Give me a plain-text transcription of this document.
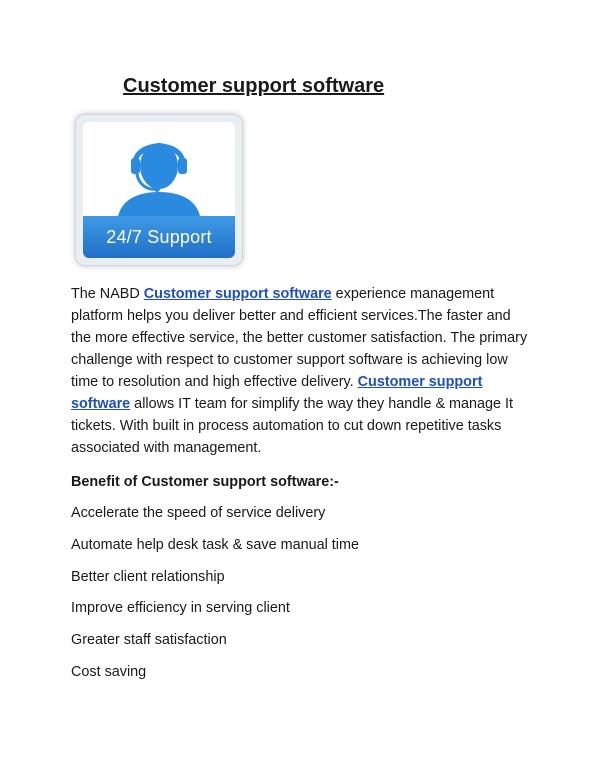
Customer support software
24/7 Support

The NABD Customer support software experience management platform helps you deliver better and efficient services.The faster and the more effective service, the better customer satisfaction. The primary challenge with respect to customer support software is achieving low time to resolution and high effective delivery. Customer support software allows IT team for simplify the way they handle & manage It tickets. With built in process automation to cut down repetitive tasks associated with management.

Benefit of Customer support software:-

Accelerate the speed of service delivery

Automate help desk task & save manual time

Better client relationship

Improve efficiency in serving client

Greater staff satisfaction

Cost saving
